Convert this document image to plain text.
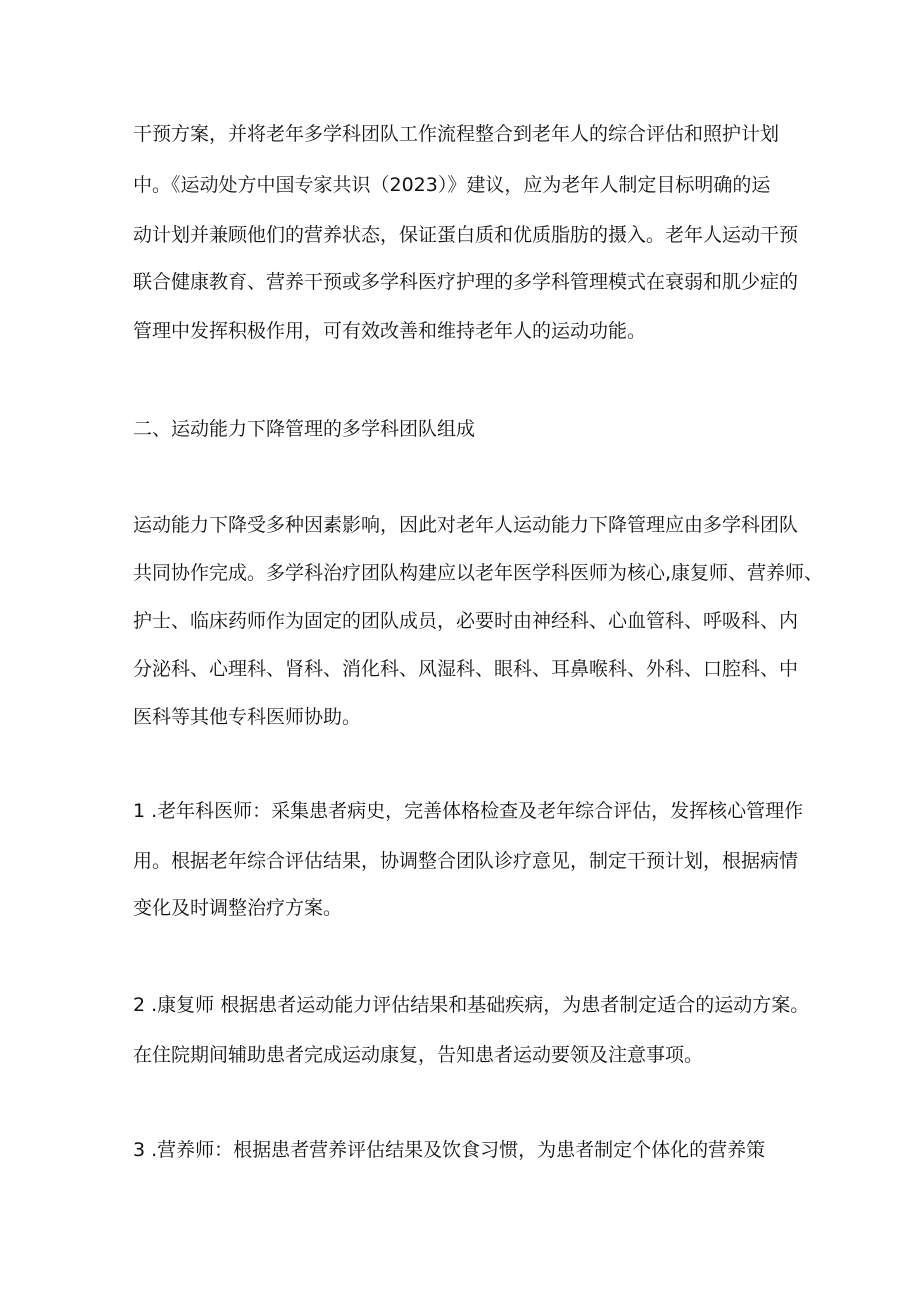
干预方案，并将老年多学科团队工作流程整合到老年人的综合评估和照护计划
中。《运动处方中国专家共识（2023）》建议，应为老年人制定目标明确的运
动计划并兼顾他们的营养状态，保证蛋白质和优质脂肪的摄入。老年人运动干预
联合健康教育、营养干预或多学科医疗护理的多学科管理模式在衰弱和肌少症的
管理中发挥积极作用，可有效改善和维持老年人的运动功能。
二、运动能力下降管理的多学科团队组成
运动能力下降受多种因素影响，因此对老年人运动能力下降管理应由多学科团队
共同协作完成。多学科治疗团队构建应以老年医学科医师为核心,康复师、营养师、
护士、临床药师作为固定的团队成员，必要时由神经科、心血管科、呼吸科、内
分泌科、心理科、肾科、消化科、风湿科、眼科、耳鼻喉科、外科、口腔科、中
医科等其他专科医师协助。
1 .老年科医师：采集患者病史，完善体格检查及老年综合评估，发挥核心管理作
用。根据老年综合评估结果，协调整合团队诊疗意见，制定干预计划，根据病情
变化及时调整治疗方案。
2 .康复师 根据患者运动能力评估结果和基础疾病，为患者制定适合的运动方案。
在住院期间辅助患者完成运动康复，告知患者运动要领及注意事项。
3 .营养师：根据患者营养评估结果及饮食习惯，为患者制定个体化的营养策
